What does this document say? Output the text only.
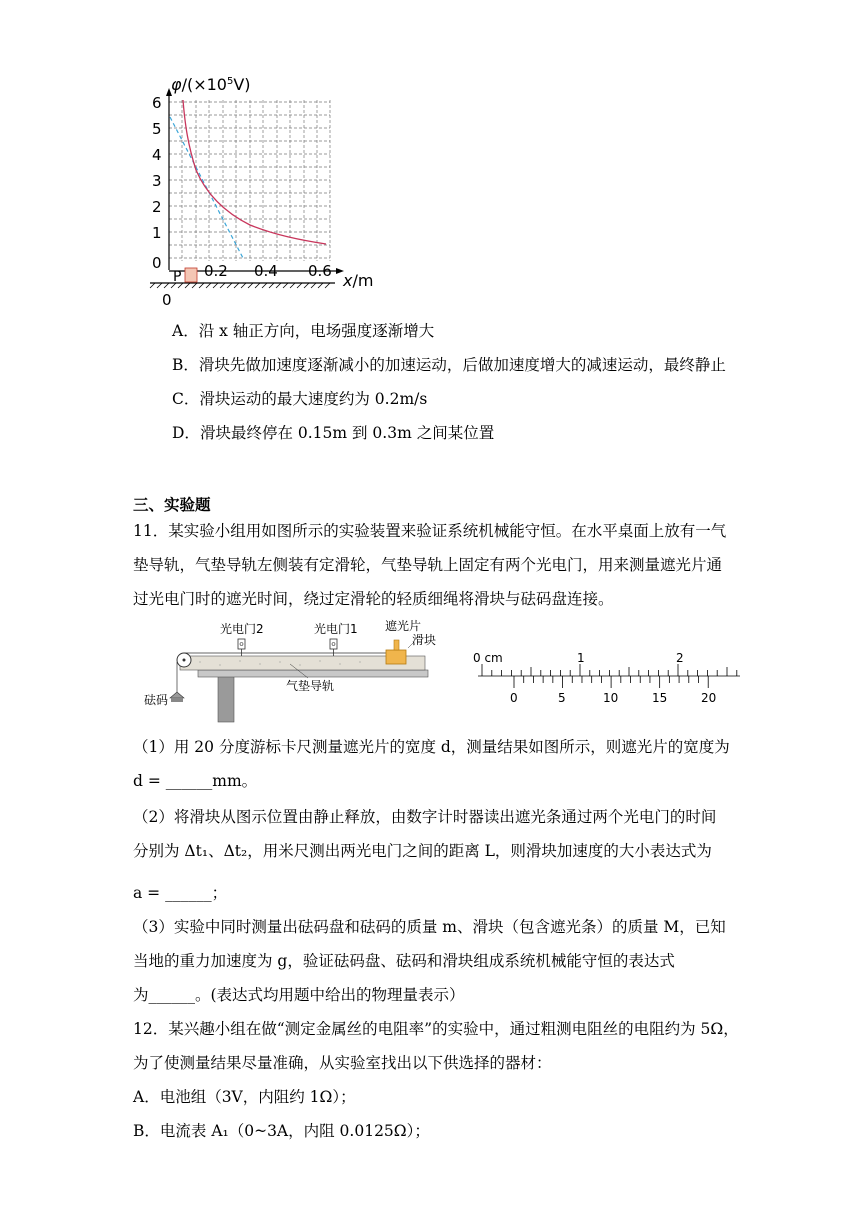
P
6
5
4
3
2
1
0	0.2 0.4 0.6
0
$\varphi/(\times 10^5V)$
x/m
A．沿 x 轴正方向，电场强度逐渐增大
B．滑块先做加速度逐渐减小的加速运动，后做加速度增大的减速运动，最终静止
C．滑块运动的最大速度约为 0.2m/s
D．滑块最终停在 0.15m 到 0.3m 之间某位置
三、实验题
11．某实验小组用如图所示的实验装置来验证系统机械能守恒。在水平桌面上放有一气
垫导轨，气垫导轨左侧装有定滑轮，气垫导轨上固定有两个光电门，用来测量遮光片通
过光电门时的遮光时间，绕过定滑轮的轻质细绳将滑块与砝码盘连接。
光电门2	光电门1 遮光片
滑块
砝码
气垫导轨
0 cm	1	2
0	5	10	15	20
（1）用 20 分度游标卡尺测量遮光片的宽度 d，测量结果如图所示，则遮光片的宽度为
d = ______mm。
（2）将滑块从图示位置由静止释放，由数字计时器读出遮光条通过两个光电门的时间
分别为 Δt₁、Δt₂，用米尺测出两光电门之间的距离 L，则滑块加速度的大小表达式为
a = ______；
（3）实验中同时测量出砝码盘和砝码的质量 m、滑块（包含遮光条）的质量 M，已知
当地的重力加速度为 g，验证砝码盘、砝码和滑块组成系统机械能守恒的表达式
为______。(表达式均用题中给出的物理量表示）
12．某兴趣小组在做“测定金属丝的电阻率”的实验中，通过粗测电阻丝的电阻约为 5Ω，
为了使测量结果尽量准确，从实验室找出以下供选择的器材：
A．电池组（3V，内阻约 1Ω）；
B．电流表 A₁（0~3A，内阻 0.0125Ω）；
